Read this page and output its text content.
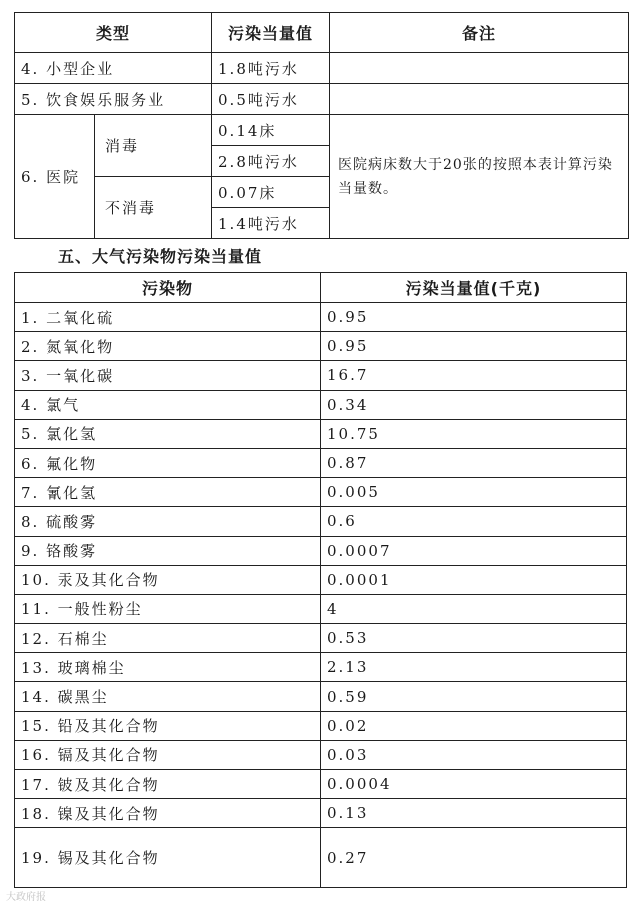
类型		污染当量值	备注
4. 小型企业		1.8吨污水	
5. 饮食娱乐服务业		0.5吨污水	
6. 医院	消毒	0.14床	医院病床数大于20张的按照本表计算污染当量数。
		2.8吨污水	
	不消毒	0.07床	
		1.4吨污水	
五、大气污染物污染当量值
污染物	污染当量值(千克)
1. 二氧化硫	0.95
2. 氮氧化物	0.95
3. 一氧化碳	16.7
4. 氯气	0.34
5. 氯化氢	10.75
6. 氟化物	0.87
7. 氰化氢	0.005
8. 硫酸雾	0.6
9. 铬酸雾	0.0007
10. 汞及其化合物	0.0001
11. 一般性粉尘	4
12. 石棉尘	0.53
13. 玻璃棉尘	2.13
14. 碳黑尘	0.59
15. 铅及其化合物	0.02
16. 镉及其化合物	0.03
17. 铍及其化合物	0.0004
18. 镍及其化合物	0.13
19. 锡及其化合物	0.27
大政府报
